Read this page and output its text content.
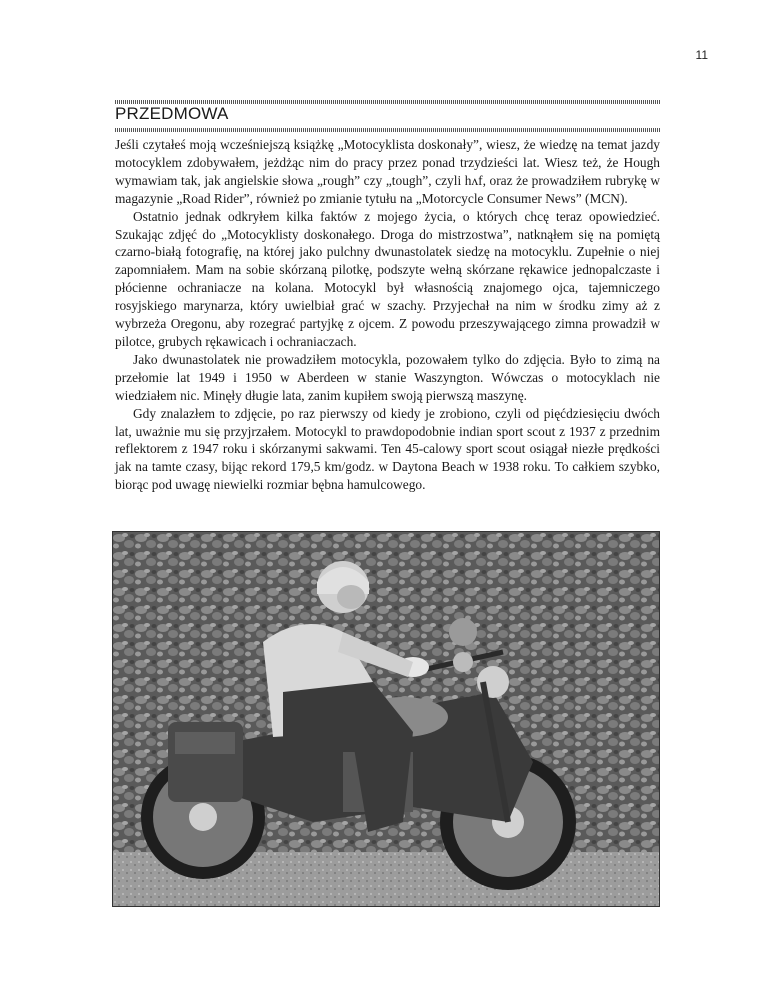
11
PRZEDMOWA

Jeśli czytałeś moją wcześniejszą książkę „Motocyklista doskonały”, wiesz, że wiedzę na temat jazdy motocyklem zdobywałem, jeżdżąc nim do pracy przez ponad trzydzieści lat. Wiesz też, że Hough wymawiam tak, jak angielskie słowa „rough” czy „tough”, czyli hʌf, oraz że prowadziłem rubrykę w magazynie „Road Rider”, również po zmianie tytułu na „Motorcycle Consumer News” (MCN).

Ostatnio jednak odkryłem kilka faktów z mojego życia, o których chcę teraz opowiedzieć. Szukając zdjęć do „Motocyklisty doskonałego. Droga do mistrzostwa”, natknąłem się na pomiętą czarno-białą fotografię, na której jako pulchny dwunastolatek siedzę na motocyklu. Zupełnie o niej zapomniałem. Mam na sobie skórzaną pilotkę, podszyte wełną skórzane rękawice jednopalczaste i płócienne ochraniacze na kolana. Motocykl był własnością znajomego ojca, tajemniczego rosyjskiego marynarza, który uwielbiał grać w szachy. Przyjechał na nim w środku zimy aż z wybrzeża Oregonu, aby rozegrać partyjkę z ojcem. Z powodu przeszywającego zimna prowadził w pilotce, grubych rękawicach i ochraniaczach.

Jako dwunastolatek nie prowadziłem motocykla, pozowałem tylko do zdjęcia. Było to zimą na przełomie lat 1949 i 1950 w Aberdeen w stanie Waszyngton. Wówczas o motocyklach nie wiedziałem nic. Minęły długie lata, zanim kupiłem swoją pierwszą maszynę.

Gdy znalazłem to zdjęcie, po raz pierwszy od kiedy je zrobiono, czyli od pięćdziesięciu dwóch lat, uważnie mu się przyjrzałem. Motocykl to prawdopodobnie indian sport scout z 1937 z przednim reflektorem z 1947 roku i skórzanymi sakwami. Ten 45-calowy sport scout osiągał niezłe prędkości jak na tamte czasy, bijąc rekord 179,5 km/godz. w Daytona Beach w 1938 roku. To całkiem szybko, biorąc pod uwagę niewielki rozmiar bębna hamulcowego.
